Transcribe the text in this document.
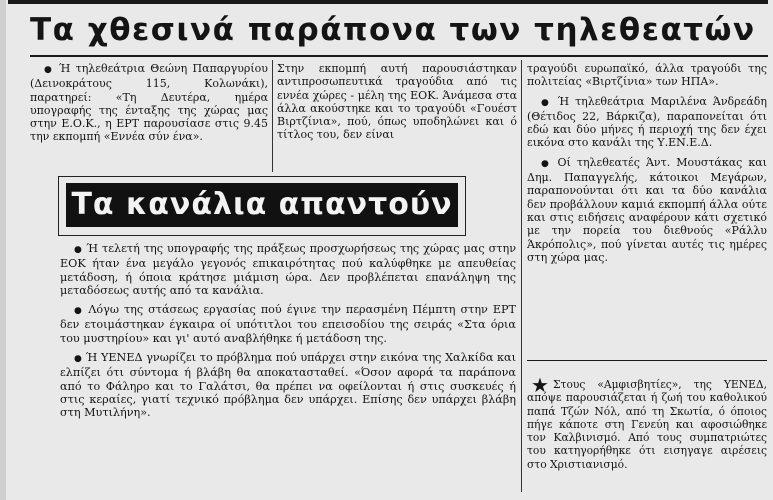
Τα χθεσινά παράπονα των τηλεθεατών

● Ή τηλεθεάτρια Θεώνη Παπαργυρίου (Δεινοκράτους 115, Κολωνάκι), παρατηρεί: «Τη Δευτέρα, ημέρα υπογραφής της ένταξης της χώρας μας στην Ε.Ο.Κ., η ΕΡΤ παρουσίασε στις 9.45 την εκπομπή «Εννέα σύν ένα».

Στην εκπομπή αυτή παρουσιάστηκαν αντιπροσωπευτικά τραγούδια από τις εννέα χώρες - μέλη της ΕΟΚ. Άνάμεσα στα άλλα ακούστηκε και το τραγούδι «Γουέστ Βιρτζίνια», πού, όπως υποδηλώνει και ό τίτλος του, δεν είναι

τραγούδι ευρωπαϊκό, άλλα τραγούδι της πολιτείας «Βιρτζίνια» των ΗΠΑ».

● Ή τηλεθεάτρια Μαριλένα Άνδρεάδη (Θέτιδος 22, Βάρκιζα), παραπονείται ότι εδώ και δύο μήνες ή περιοχή της δεν έχει εικόνα στο κανάλι της Υ.ΕΝ.Ε.Δ.

● Οί τηλεθεατές Άντ. Μουστάκας και Δημ. Παπαγγελής, κάτοικοι Μεγάρων, παραπονούνται ότι και τα δύο κανάλια δεν προβάλλουν καμιά εκπομπή άλλα ούτε και στις ειδήσεις αναφέρουν κάτι σχετικό με την πορεία του διεθνούς «Ράλλυ Άκρόπολις», πού γίνεται αυτές τις ημέρες στη χώρα μας.

★ Στους «Αμφισβητίες», της ΥΕΝΕΔ, απόψε παρουσιάζεται ή ζωή του καθολικού παπά Τζών Νόλ, από τη Σκωτία, ό όποιος πήγε κάποτε στη Γενεύη και αφοσιώθηκε τον Καλβινισμό. Από τους συμπατριώτες του κατηγορήθηκε ότι εισηγαγε αιρέσεις στο Χριστιανισμό.

Τα κανάλια απαντούν

● Ή τελετή της υπογραφής της πράξεως προσχωρήσεως της χώρας μας στην ΕΟΚ ήταν ένα μεγάλο γεγονός επικαιρότητας πού καλύφθηκε με απευθείας μετάδοση, ή όποια κράτησε μιάμιση ώρα. Δεν προβλέπεται επανάληψη της μεταδόσεως αυτής από τα κανάλια.

● Λόγω της στάσεως εργασίας πού έγινε την περασμένη Πέμπτη στην ΕΡΤ δεν ετοιμάστηκαν έγκαιρα οί υπότιτλοι του επεισοδίου της σειράς «Στα όρια του μυστηρίου» και γι' αυτό αναβλήθηκε ή μετάδοση της.

● Ή ΥΕΝΕΔ γνωρίζει το πρόβλημα πού υπάρχει στην εικόνα της Χαλκίδα και ελπίζει ότι σύντομα ή βλάβη θα αποκατασταθεί. «Όσον αφορά τα παράπονα από το Φάληρο και το Γαλάτσι, θα πρέπει να οφείλονται ή στις συσκευές ή στις κεραίες, γιατί τεχνικό πρόβλημα δεν υπάρχει. Επίσης δεν υπάρχει βλάβη στη Μυτιλήνη».
